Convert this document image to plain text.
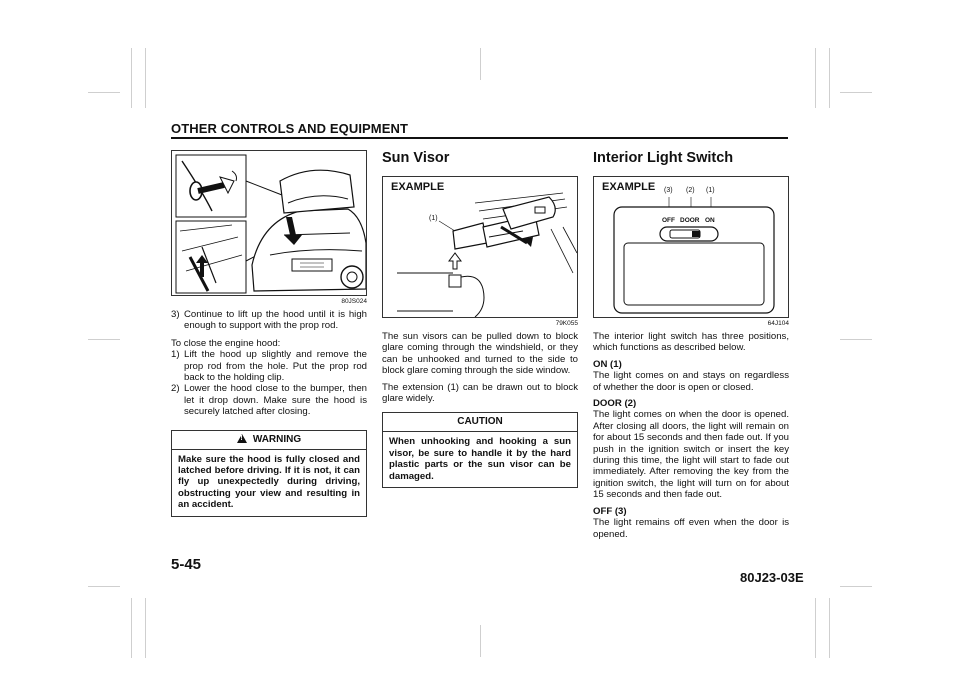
OTHER CONTROLS AND EQUIPMENT
80JS024
3) Continue to lift up the hood until it is high enough to support with the prop rod.
To close the engine hood:
1) Lift the hood up slightly and remove the prop rod from the hole. Put the prop rod back to the holding clip.
2) Lower the hood close to the bumper, then let it drop down. Make sure the hood is securely latched after closing.
!WARNING
Make sure the hood is fully closed and latched before driving. If it is not, it can fly up unexpectedly during driving, obstructing your view and resulting in an accident.
Sun Visor
EXAMPLE
(1)
79K055
The sun visors can be pulled down to block glare coming through the windshield, or they can be unhooked and turned to the side to block glare coming through the side window.
The extension (1) can be drawn out to block glare widely.
CAUTION
When unhooking and hooking a sun visor, be sure to handle it by the hard plastic parts or the sun visor can be damaged.
Interior Light Switch
EXAMPLE (3) (2) (1)
OFF DOOR ON
64J104
The interior light switch has three positions, which functions as described below.
ON (1)
The light comes on and stays on regardless of whether the door is open or closed.
DOOR (2)
The light comes on when the door is opened. After closing all doors, the light will remain on for about 15 seconds and then fade out. If you push in the ignition switch or insert the key during this time, the light will start to fade out immediately. After removing the key from the ignition switch, the light will turn on for about 15 seconds and then fade out.
OFF (3)
The light remains off even when the door is opened.
5-45
80J23-03E
